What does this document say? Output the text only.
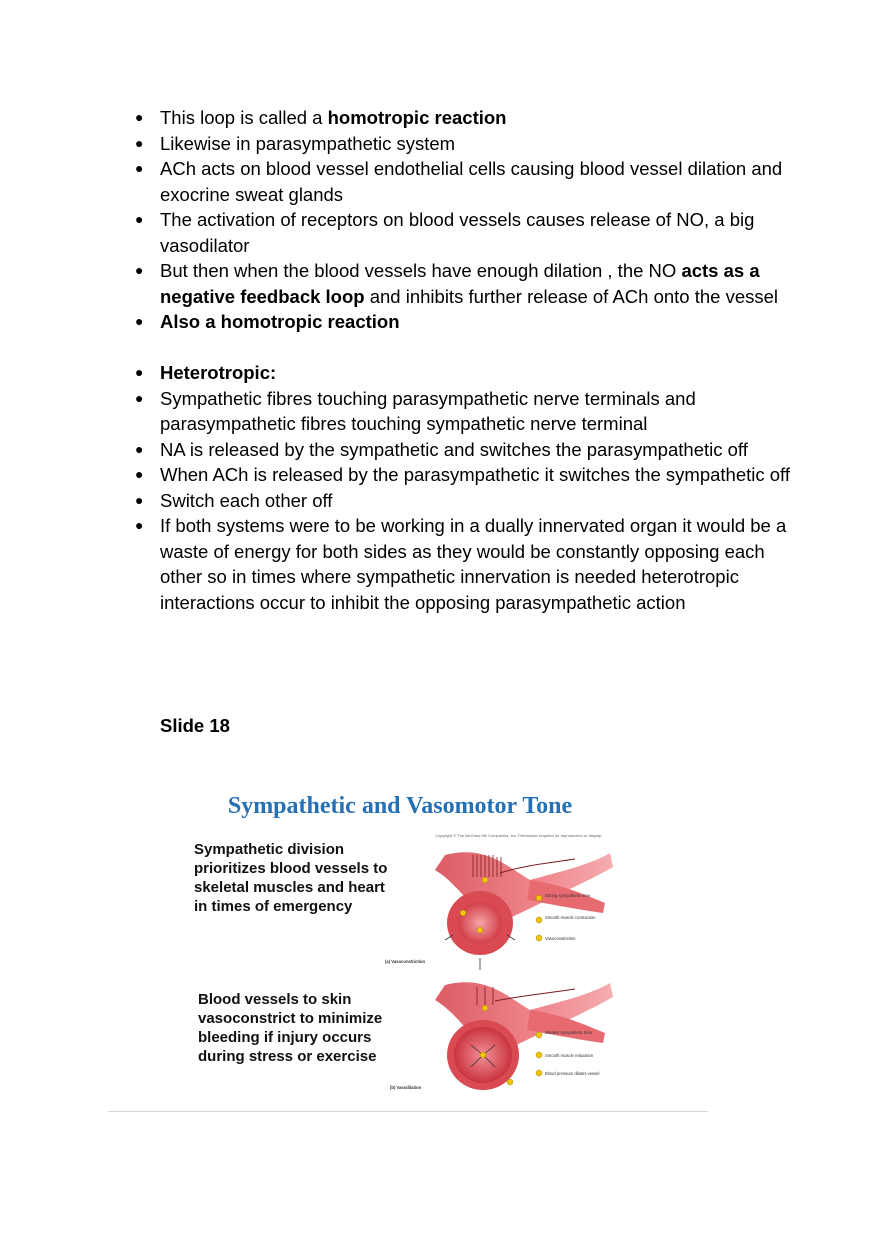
● This loop is called a homotropic reaction
● Likewise in parasympathetic system
● ACh acts on blood vessel endothelial cells causing blood vessel dilation and exocrine sweat glands
● The activation of receptors on blood vessels causes release of NO, a big vasodilator
● But then when the blood vessels have enough dilation , the NO acts as a negative feedback loop and inhibits further release of ACh onto the vessel
● Also a homotropic reaction
● Heterotropic:
● Sympathetic fibres touching parasympathetic nerve terminals and parasympathetic fibres touching sympathetic nerve terminal
● NA is released by the sympathetic and switches the parasympathetic off
● When ACh is released by the parasympathetic it switches the sympathetic off
● Switch each other off
● If both systems were to be working in a dually innervated organ it would be a waste of energy for both sides as they would be constantly opposing each other so in times where sympathetic innervation is needed heterotropic interactions occur to inhibit the opposing parasympathetic action
Slide 18
Sympathetic and Vasomotor Tone
Copyright © The McGraw-Hill Companies, Inc. Permission required for reproduction or display.
Sympathetic division prioritizes blood vessels to skeletal muscles and heart in times of emergency
Blood vessels to skin vasoconstrict to minimize bleeding if injury occurs during stress or exercise
Strong sympathetic tone
Smooth muscle contraction
Vasoconstriction
(a) Vasoconstriction
Weaker sympathetic tone
Smooth muscle relaxation
Blood pressure dilates vessel
(b) Vasodilation
